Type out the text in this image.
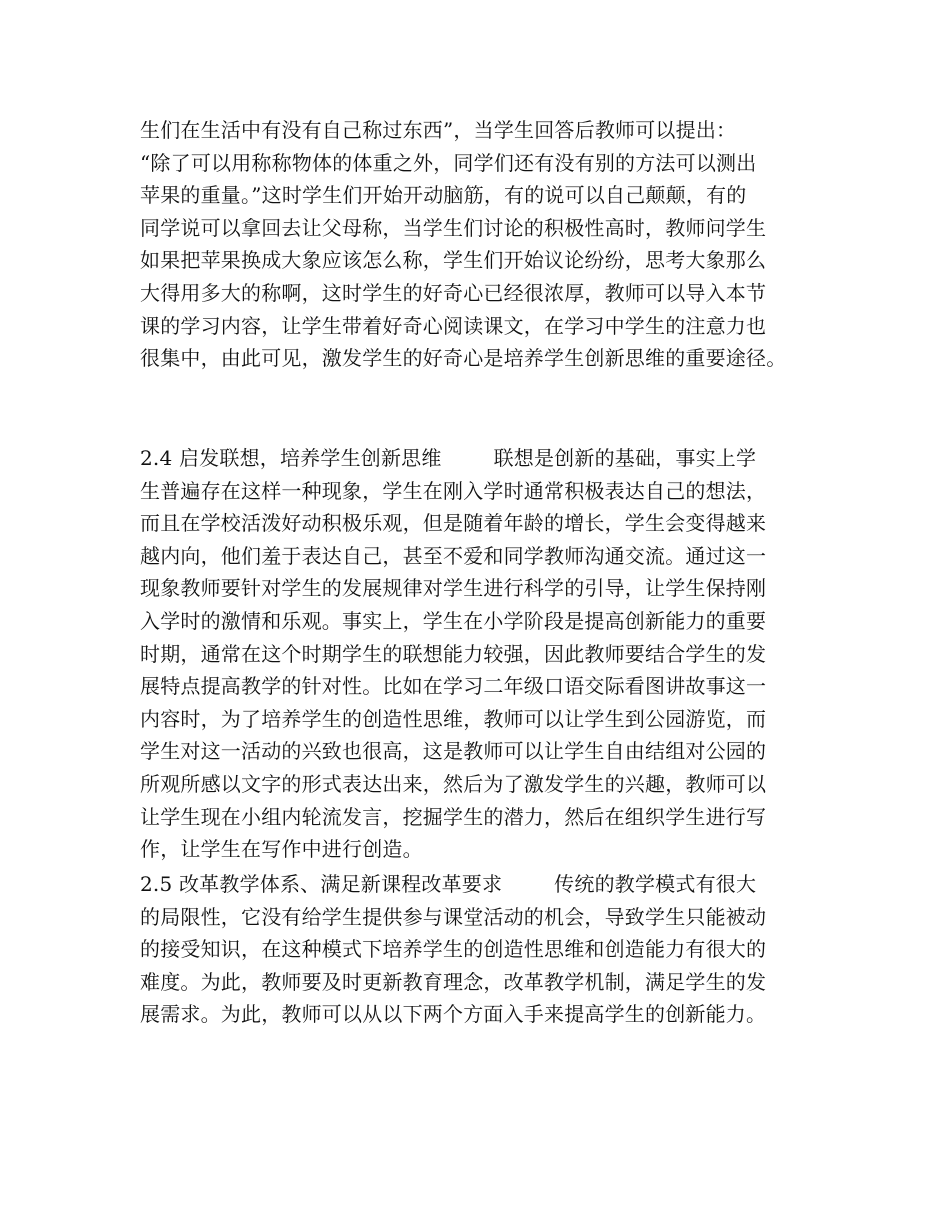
生们在生活中有没有自己称过东西”，当学生回答后教师可以提出：
“除了可以用称称物体的体重之外，同学们还有没有别的方法可以测出
苹果的重量。”这时学生们开始开动脑筋，有的说可以自己颠颠，有的
同学说可以拿回去让父母称，当学生们讨论的积极性高时，教师问学生
如果把苹果换成大象应该怎么称，学生们开始议论纷纷，思考大象那么
大得用多大的称啊，这时学生的好奇心已经很浓厚，教师可以导入本节
课的学习内容，让学生带着好奇心阅读课文，在学习中学生的注意力也
很集中，由此可见，激发学生的好奇心是培养学生创新思维的重要途径。
2.4 启发联想，培养学生创新思维	联想是创新的基础，事实上学
生普遍存在这样一种现象，学生在刚入学时通常积极表达自己的想法，
而且在学校活泼好动积极乐观，但是随着年龄的增长，学生会变得越来
越内向，他们羞于表达自己，甚至不爱和同学教师沟通交流。通过这一
现象教师要针对学生的发展规律对学生进行科学的引导，让学生保持刚
入学时的激情和乐观。事实上，学生在小学阶段是提高创新能力的重要
时期，通常在这个时期学生的联想能力较强，因此教师要结合学生的发
展特点提高教学的针对性。比如在学习二年级口语交际看图讲故事这一
内容时，为了培养学生的创造性思维，教师可以让学生到公园游览，而
学生对这一活动的兴致也很高，这是教师可以让学生自由结组对公园的
所观所感以文字的形式表达出来，然后为了激发学生的兴趣，教师可以
让学生现在小组内轮流发言，挖掘学生的潜力，然后在组织学生进行写
作，让学生在写作中进行创造。
2.5 改革教学体系、满足新课程改革要求	传统的教学模式有很大
的局限性，它没有给学生提供参与课堂活动的机会，导致学生只能被动
的接受知识，在这种模式下培养学生的创造性思维和创造能力有很大的
难度。为此，教师要及时更新教育理念，改革教学机制，满足学生的发
展需求。为此，教师可以从以下两个方面入手来提高学生的创新能力。
